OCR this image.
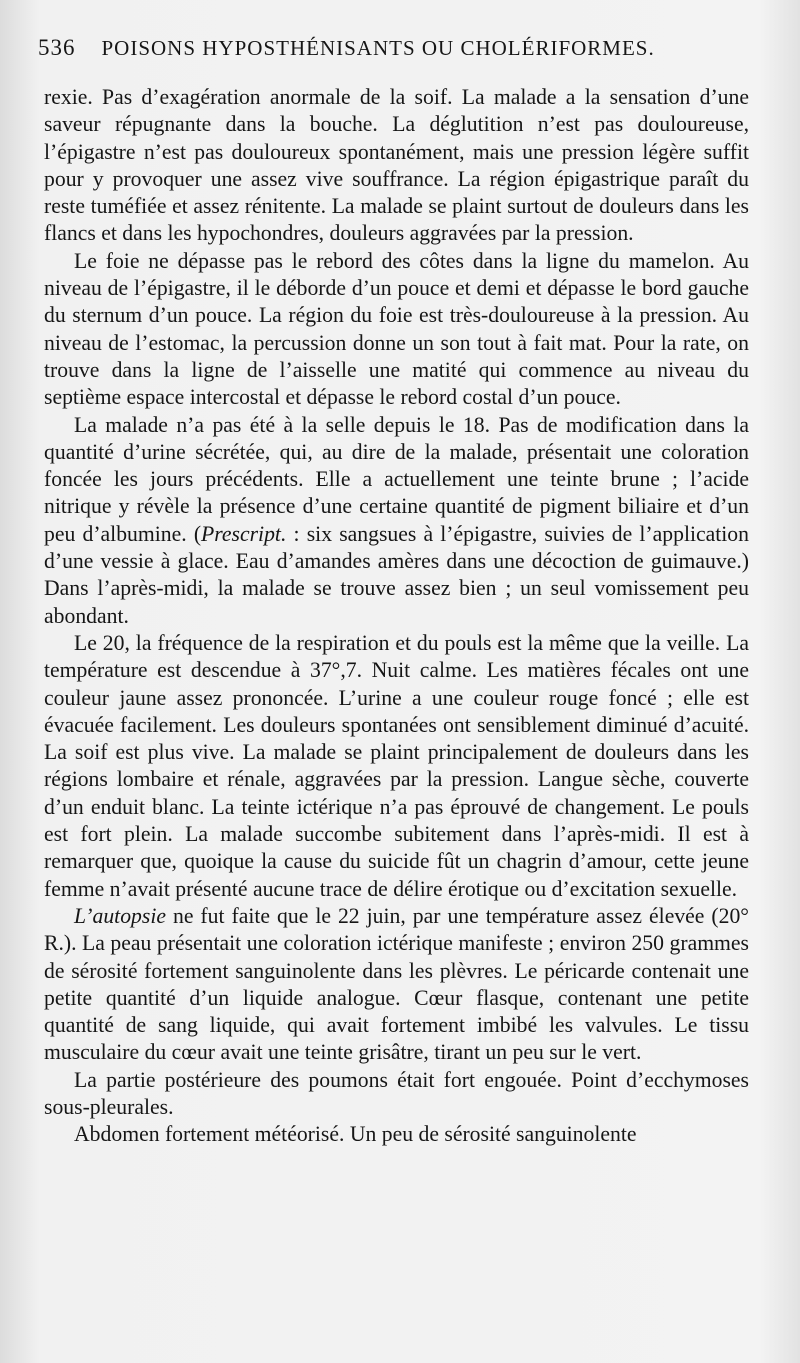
536 POISONS HYPOSTHÉNISANTS OU CHOLÉRIFORMES.

rexie. Pas d’exagération anormale de la soif. La malade a la sensation d’une saveur répugnante dans la bouche. La déglutition n’est pas douloureuse, l’épigastre n’est pas douloureux spontanément, mais une pression légère suffit pour y provoquer une assez vive souffrance. La région épigastrique paraît du reste tuméfiée et assez rénitente. La malade se plaint surtout de douleurs dans les flancs et dans les hypochondres, douleurs aggravées par la pression.

Le foie ne dépasse pas le rebord des côtes dans la ligne du mamelon. Au niveau de l’épigastre, il le déborde d’un pouce et demi et dépasse le bord gauche du sternum d’un pouce. La région du foie est très-douloureuse à la pression. Au niveau de l’estomac, la percussion donne un son tout à fait mat. Pour la rate, on trouve dans la ligne de l’aisselle une matité qui commence au niveau du septième espace intercostal et dépasse le rebord costal d’un pouce.

La malade n’a pas été à la selle depuis le 18. Pas de modification dans la quantité d’urine sécrétée, qui, au dire de la malade, présentait une coloration foncée les jours précédents. Elle a actuellement une teinte brune ; l’acide nitrique y révèle la présence d’une certaine quantité de pigment biliaire et d’un peu d’albumine. (Prescript. : six sangsues à l’épigastre, suivies de l’application d’une vessie à glace. Eau d’amandes amères dans une décoction de guimauve.) Dans l’après-midi, la malade se trouve assez bien ; un seul vomissement peu abondant.

Le 20, la fréquence de la respiration et du pouls est la même que la veille. La température est descendue à 37°,7. Nuit calme. Les matières fécales ont une couleur jaune assez prononcée. L’urine a une couleur rouge foncé ; elle est évacuée facilement. Les douleurs spontanées ont sensiblement diminué d’acuité. La soif est plus vive. La malade se plaint principalement de douleurs dans les régions lombaire et rénale, aggravées par la pression. Langue sèche, couverte d’un enduit blanc. La teinte ictérique n’a pas éprouvé de changement. Le pouls est fort plein. La malade succombe subitement dans l’après-midi. Il est à remarquer que, quoique la cause du suicide fût un chagrin d’amour, cette jeune femme n’avait présenté aucune trace de délire érotique ou d’excitation sexuelle.

L’autopsie ne fut faite que le 22 juin, par une température assez élevée (20° R.). La peau présentait une coloration ictérique manifeste ; environ 250 grammes de sérosité fortement sanguinolente dans les plèvres. Le péricarde contenait une petite quantité d’un liquide analogue. Cœur flasque, contenant une petite quantité de sang liquide, qui avait fortement imbibé les valvules. Le tissu musculaire du cœur avait une teinte grisâtre, tirant un peu sur le vert.

La partie postérieure des poumons était fort engouée. Point d’ecchymoses sous-pleurales.

Abdomen fortement météorisé. Un peu de sérosité sanguinolente
